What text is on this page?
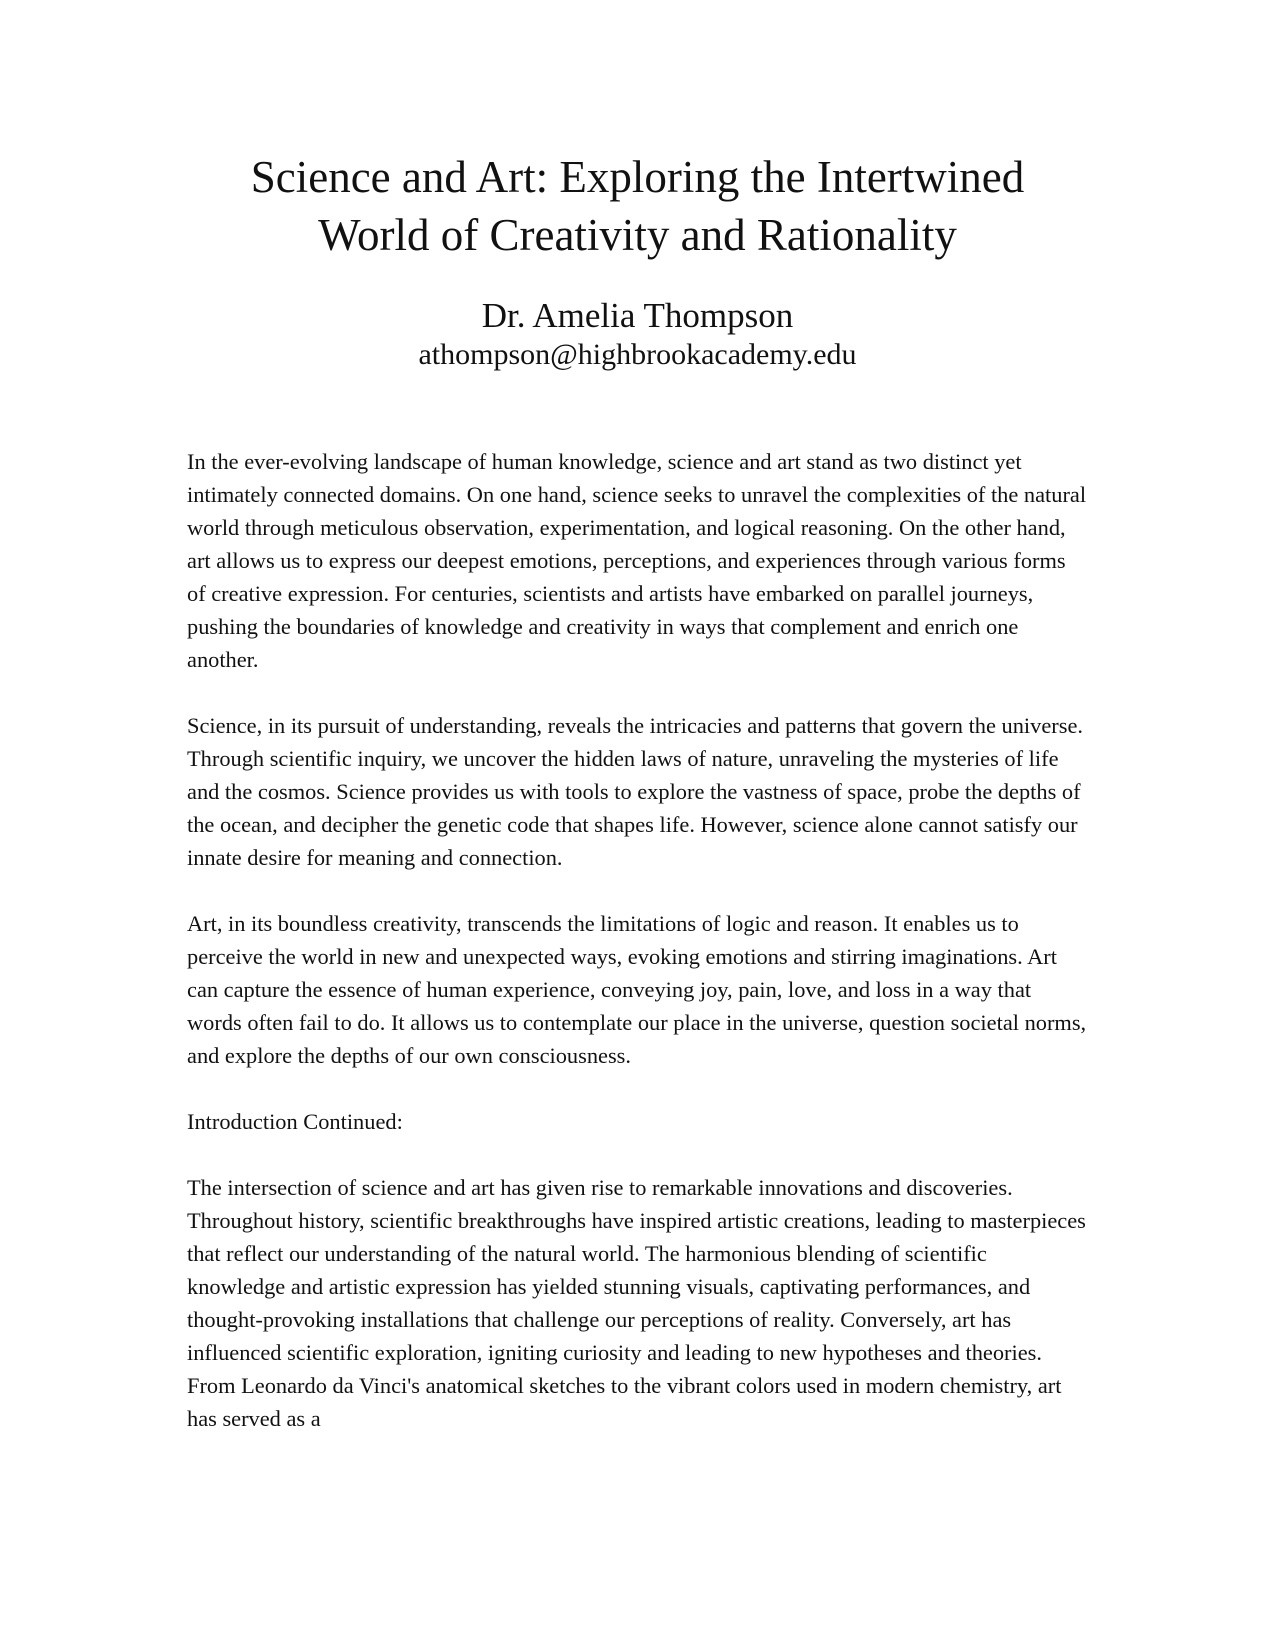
Science and Art: Exploring the Intertwined
World of Creativity and Rationality
Dr. Amelia Thompson
athompson@highbrookacademy.edu

In the ever-evolving landscape of human knowledge, science and art stand as two distinct yet intimately connected domains. On one hand, science seeks to unravel the complexities of the natural world through meticulous observation, experimentation, and logical reasoning. On the other hand, art allows us to express our deepest emotions, perceptions, and experiences through various forms of creative expression. For centuries, scientists and artists have embarked on parallel journeys, pushing the boundaries of knowledge and creativity in ways that complement and enrich one another.

Science, in its pursuit of understanding, reveals the intricacies and patterns that govern the universe. Through scientific inquiry, we uncover the hidden laws of nature, unraveling the mysteries of life and the cosmos. Science provides us with tools to explore the vastness of space, probe the depths of the ocean, and decipher the genetic code that shapes life. However, science alone cannot satisfy our innate desire for meaning and connection.

Art, in its boundless creativity, transcends the limitations of logic and reason. It enables us to perceive the world in new and unexpected ways, evoking emotions and stirring imaginations. Art can capture the essence of human experience, conveying joy, pain, love, and loss in a way that words often fail to do. It allows us to contemplate our place in the universe, question societal norms, and explore the depths of our own consciousness.

Introduction Continued:

The intersection of science and art has given rise to remarkable innovations and discoveries. Throughout history, scientific breakthroughs have inspired artistic creations, leading to masterpieces that reflect our understanding of the natural world. The harmonious blending of scientific knowledge and artistic expression has yielded stunning visuals, captivating performances, and thought-provoking installations that challenge our perceptions of reality. Conversely, art has influenced scientific exploration, igniting curiosity and leading to new hypotheses and theories. From Leonardo da Vinci's anatomical sketches to the vibrant colors used in modern chemistry, art has served as a
